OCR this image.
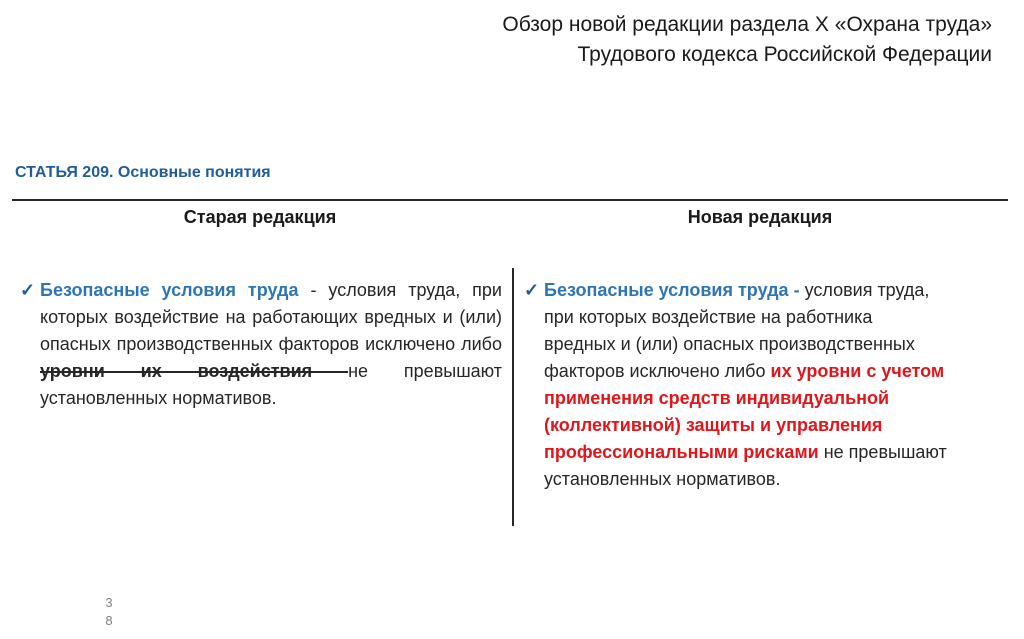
Обзор новой редакции раздела X «Охрана труда»
Трудового кодекса Российской Федерации
СТАТЬЯ 209. Основные понятия
Старая редакция	Новая редакция
✓ Безопасные условия труда - условия труда, при которых воздействие на работающих вредных и (или) опасных производственных факторов исключено либо уровни их воздействия не превышают установленных нормативов.
✓ Безопасные условия труда - условия труда,
при которых воздействие на работника
вредных и (или) опасных производственных
факторов исключено либо их уровни с учетом
применения средств индивидуальной
(коллективной) защиты и управления
профессиональными рисками не превышают
установленных нормативов.
3
8
